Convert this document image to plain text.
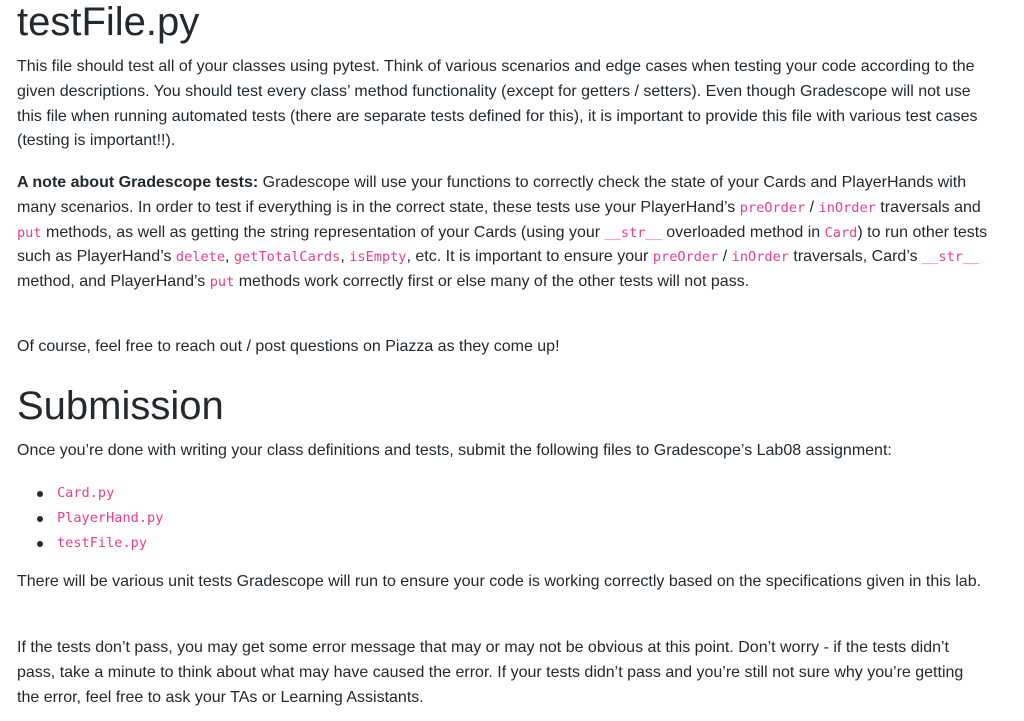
testFile.py

This file should test all of your classes using pytest. Think of various scenarios and edge cases when testing your code according to the given descriptions. You should test every class’ method functionality (except for getters / setters). Even though Gradescope will not use this file when running automated tests (there are separate tests defined for this), it is important to provide this file with various test cases (testing is important!!).

A note about Gradescope tests: Gradescope will use your functions to correctly check the state of your Cards and PlayerHands with many scenarios. In order to test if everything is in the correct state, these tests use your PlayerHand’s preOrder / inOrder traversals and put methods, as well as getting the string representation of your Cards (using your __str__ overloaded method in Card) to run other tests such as PlayerHand’s delete, getTotalCards, isEmpty, etc. It is important to ensure your preOrder / inOrder traversals, Card’s __str__ method, and PlayerHand’s put methods work correctly first or else many of the other tests will not pass.

Of course, feel free to reach out / post questions on Piazza as they come up!

Submission

Once you’re done with writing your class definitions and tests, submit the following files to Gradescope’s Lab08 assignment:

Card.py
PlayerHand.py
testFile.py

There will be various unit tests Gradescope will run to ensure your code is working correctly based on the specifications given in this lab.

If the tests don’t pass, you may get some error message that may or may not be obvious at this point. Don’t worry - if the tests didn’t pass, take a minute to think about what may have caused the error. If your tests didn’t pass and you’re still not sure why you’re getting the error, feel free to ask your TAs or Learning Assistants.
